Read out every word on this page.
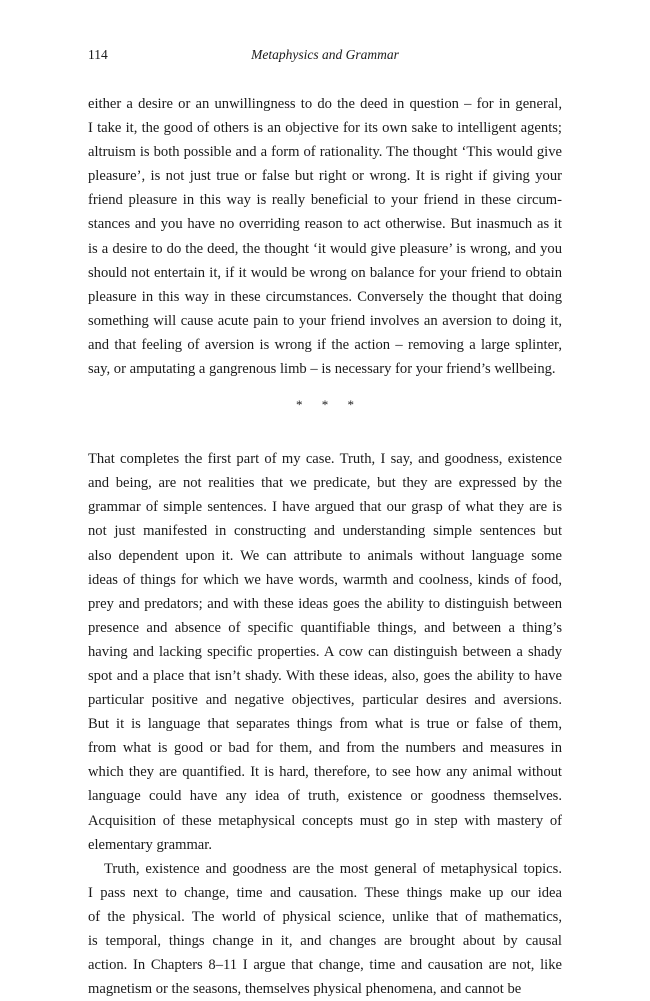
114	Metaphysics and Grammar
either a desire or an unwillingness to do the deed in question – for in general,
I take it, the good of others is an objective for its own sake to intelligent agents;
altruism is both possible and a form of rationality. The thought ‘This would give
pleasure’, is not just true or false but right or wrong. It is right if giving your
friend pleasure in this way is really beneficial to your friend in these circum-
stances and you have no overriding reason to act otherwise. But inasmuch as it
is a desire to do the deed, the thought ‘it would give pleasure’ is wrong, and you
should not entertain it, if it would be wrong on balance for your friend to obtain
pleasure in this way in these circumstances. Conversely the thought that doing
something will cause acute pain to your friend involves an aversion to doing it,
and that feeling of aversion is wrong if the action – removing a large splinter,
say, or amputating a gangrenous limb – is necessary for your friend’s wellbeing.
* * *
That completes the first part of my case. Truth, I say, and goodness, existence
and being, are not realities that we predicate, but they are expressed by the
grammar of simple sentences. I have argued that our grasp of what they are is
not just manifested in constructing and understanding simple sentences but
also dependent upon it. We can attribute to animals without language some
ideas of things for which we have words, warmth and coolness, kinds of food,
prey and predators; and with these ideas goes the ability to distinguish between
presence and absence of specific quantifiable things, and between a thing’s
having and lacking specific properties. A cow can distinguish between a shady
spot and a place that isn’t shady. With these ideas, also, goes the ability to have
particular positive and negative objectives, particular desires and aversions.
But it is language that separates things from what is true or false of them,
from what is good or bad for them, and from the numbers and measures in
which they are quantified. It is hard, therefore, to see how any animal without
language could have any idea of truth, existence or goodness themselves.
Acquisition of these metaphysical concepts must go in step with mastery of
elementary grammar.
Truth, existence and goodness are the most general of metaphysical topics.
I pass next to change, time and causation. These things make up our idea
of the physical. The world of physical science, unlike that of mathematics,
is temporal, things change in it, and changes are brought about by causal
action. In Chapters 8–11 I argue that change, time and causation are not, like
magnetism or the seasons, themselves physical phenomena, and cannot be
